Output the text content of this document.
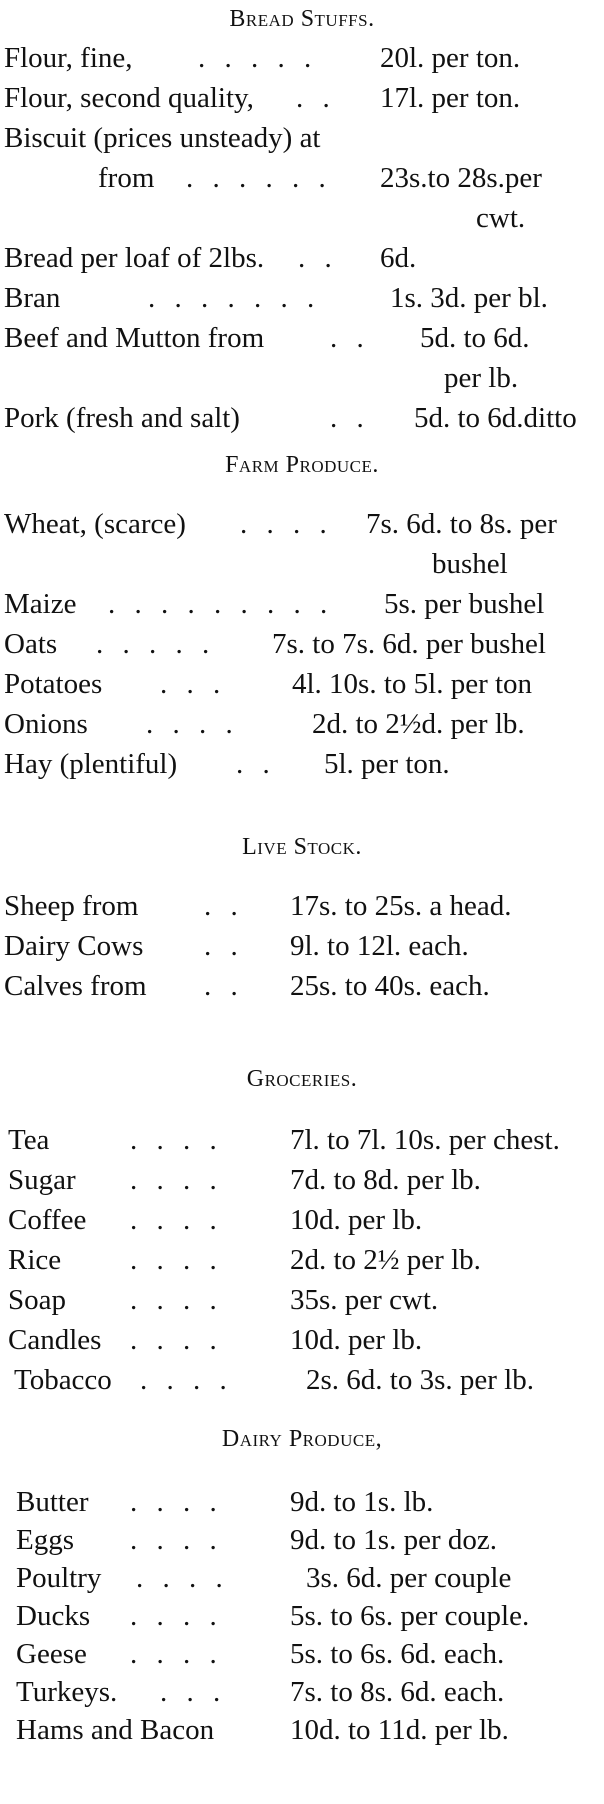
Bread Stuffs.
Flour, fine, . . . . . 20l. per ton.
Flour, second quality, . . 17l. per ton.
Biscuit (prices unsteady) at
from . . . . . . 23s.to 28s.per
cwt.
Bread per loaf of 2lbs. . . 6d.
Bran	. . . . . . . 1s. 3d. per bl.
Beef and Mutton from . . 5d. to 6d.
per lb.
Pork (fresh and salt)	. . 5d. to 6d.ditto
Farm Produce.
Wheat, (scarce) . . . . 7s. 6d. to 8s. per
bushel
Maize . . . . . . . . . 5s. per bushel
Oats . . . . . 7s. to 7s. 6d. per bushel
Potatoes . . . 4l. 10s. to 5l. per ton
Onions . . . .	2d. to 2½d. per lb.
Hay (plentiful) . . 5l. per ton.
Live Stock.
Sheep from . . 17s. to 25s. a head.
Dairy Cows . . 9l. to 12l. each.
Calves from . . 25s. to 40s. each.
Groceries.
Tea	. . . . 7l. to 7l. 10s. per chest.
Sugar . . . . 7d. to 8d. per lb.
Coffee . . . . 10d. per lb.
Rice . . . . 2d. to 2½ per lb.
Soap . . . . 35s. per cwt.
Candles . . . . 10d. per lb.
Tobacco . . . .	2s. 6d. to 3s. per lb.
Dairy Produce,
Butter . . . . 9d. to 1s. lb.
Eggs . . . . 9d. to 1s. per doz.
Poultry . . . .	3s. 6d. per couple
Ducks . . . . 5s. to 6s. per couple.
Geese . . . . 5s. to 6s. 6d. each.
Turkeys. . . . 7s. to 8s. 6d. each.
Hams and Bacon	10d. to 11d. per lb.
